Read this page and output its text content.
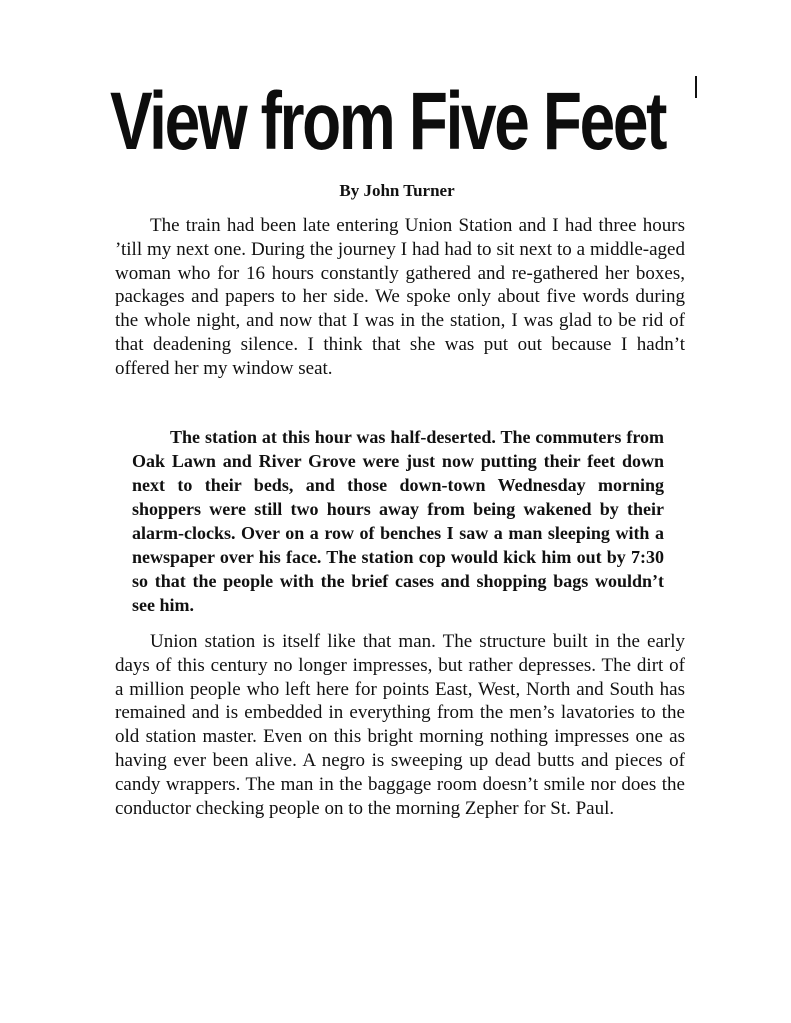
View from Five Feet
By John Turner

The train had been late entering Union Station and I had three hours ’till my next one. During the journey I had had to sit next to a middle-aged woman who for 16 hours constantly gathered and re-gathered her boxes, packages and papers to her side. We spoke only about five words during the whole night, and now that I was in the station, I was glad to be rid of that deadening silence. I think that she was put out because I hadn’t offered her my window seat.

The station at this hour was half-deserted. The commuters from Oak Lawn and River Grove were just now putting their feet down next to their beds, and those down-town Wednesday morning shoppers were still two hours away from being wakened by their alarm-clocks. Over on a row of benches I saw a man sleeping with a newspaper over his face. The station cop would kick him out by 7:30 so that the people with the brief cases and shopping bags wouldn’t see him.

Union station is itself like that man. The structure built in the early days of this century no longer impresses, but rather depresses. The dirt of a million people who left here for points East, West, North and South has remained and is embedded in everything from the men’s lavatories to the old station master. Even on this bright morning nothing impresses one as having ever been alive. A negro is sweeping up dead butts and pieces of candy wrappers. The man in the baggage room doesn’t smile nor does the conductor checking people on to the morning Zepher for St. Paul.
